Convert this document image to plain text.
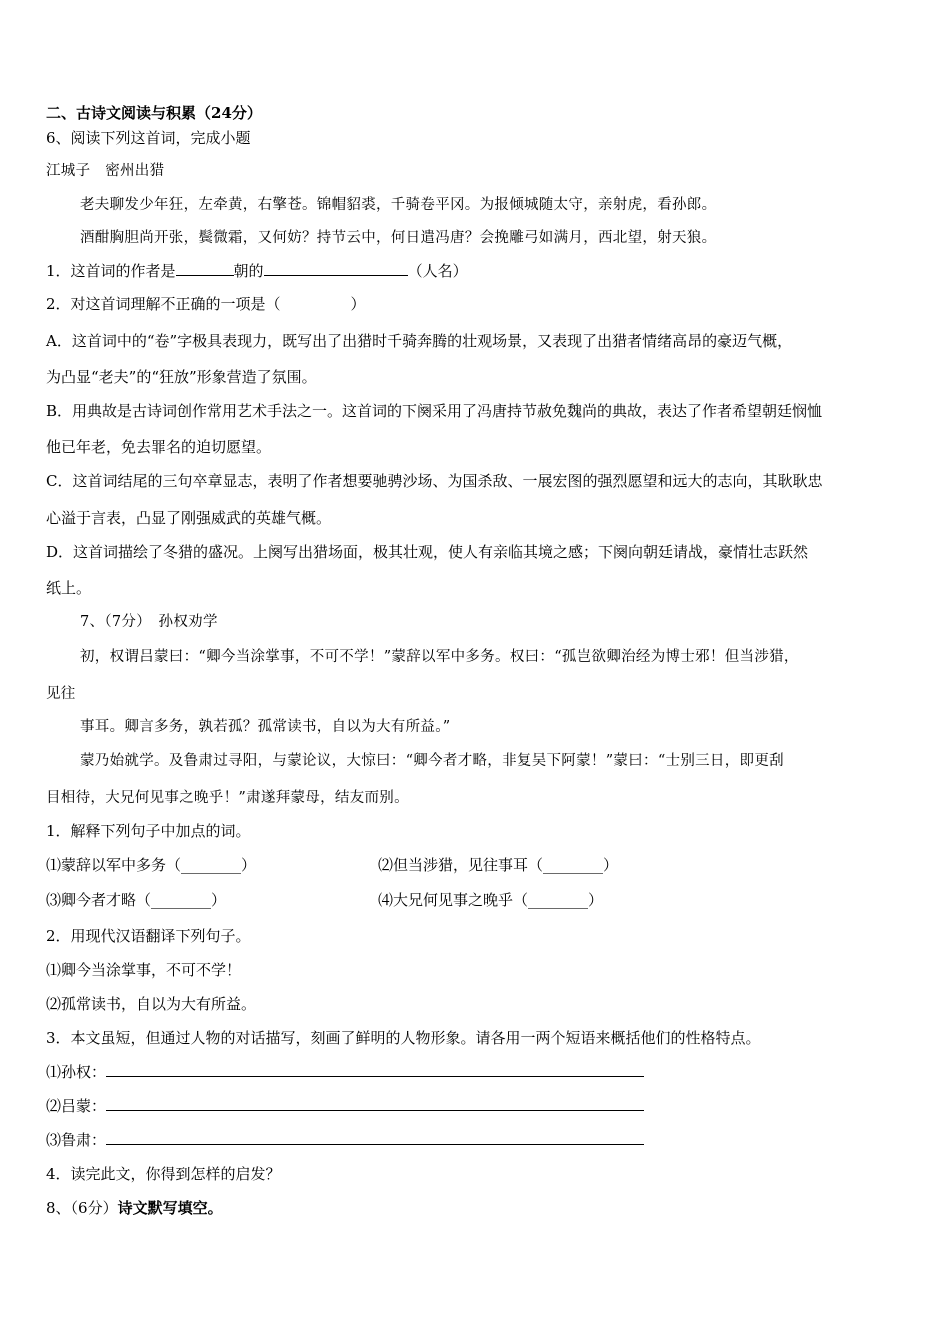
二、古诗文阅读与积累（24分）
6、阅读下列这首词，完成小题
江城子　密州出猎
老夫聊发少年狂，左牵黄，右擎苍。锦帽貂裘，千骑卷平冈。为报倾城随太守，亲射虎，看孙郎。
酒酣胸胆尚开张，鬓微霜，又何妨？持节云中，何日遣冯唐？会挽雕弓如满月，西北望，射天狼。
1．这首词的作者是	朝的	（人名）
2．对这首词理解不正确的一项是（	）
A．这首词中的“卷”字极具表现力，既写出了出猎时千骑奔腾的壮观场景，又表现了出猎者情绪高昂的豪迈气概，
为凸显“老夫”的“狂放”形象营造了氛围。
B．用典故是古诗词创作常用艺术手法之一。这首词的下阕采用了冯唐持节赦免魏尚的典故，表达了作者希望朝廷悯恤
他已年老，免去罪名的迫切愿望。
C．这首词结尾的三句卒章显志，表明了作者想要驰骋沙场、为国杀敌、一展宏图的强烈愿望和远大的志向，其耿耿忠
心溢于言表，凸显了刚强威武的英雄气概。
D．这首词描绘了冬猎的盛况。上阕写出猎场面，极其壮观，使人有亲临其境之感；下阕向朝廷请战，豪情壮志跃然
纸上。
7、（7分）　孙权劝学
初，权谓吕蒙曰：“卿今当涂掌事，不可不学！”蒙辞以军中多务。权曰：“孤岂欲卿治经为博士邪！但当涉猎，
见往
事耳。卿言多务，孰若孤？孤常读书，自以为大有所益。”
蒙乃始就学。及鲁肃过寻阳，与蒙论议，大惊曰：“卿今者才略，非复吴下阿蒙！”蒙曰：“士别三日，即更刮
目相待，大兄何见事之晚乎！”肃遂拜蒙母，结友而别。
1．解释下列句子中加点的词。
⑴蒙辞以军中多务（________）	⑵但当涉猎，见往事耳（________）
⑶卿今者才略（________）	⑷大兄何见事之晚乎（________）
2．用现代汉语翻译下列句子。
⑴卿今当涂掌事，不可不学！
⑵孤常读书，自以为大有所益。
3．本文虽短，但通过人物的对话描写，刻画了鲜明的人物形象。请各用一两个短语来概括他们的性格特点。
⑴孙权：
⑵吕蒙：
⑶鲁肃：
4．读完此文，你得到怎样的启发？
8、（6分）诗文默写填空。
